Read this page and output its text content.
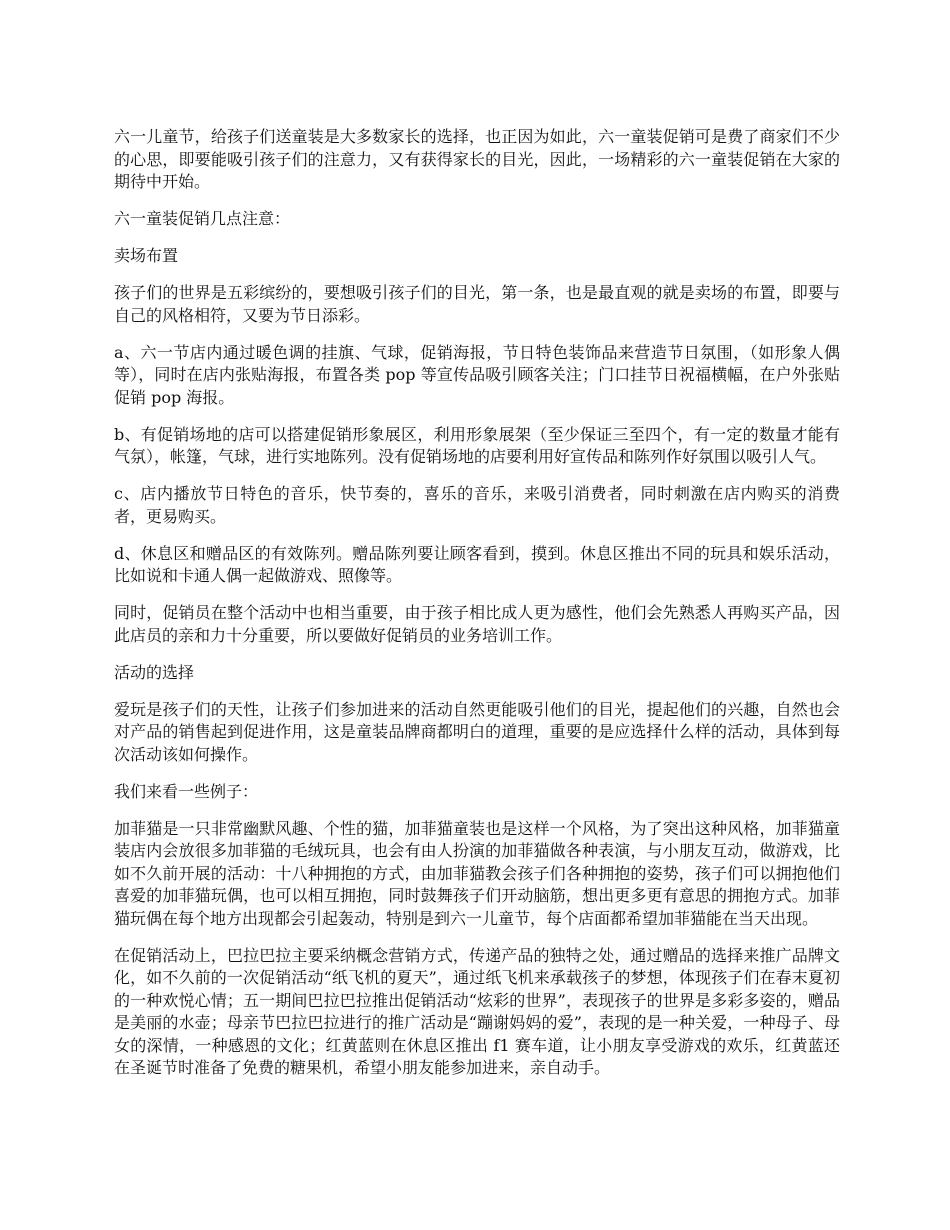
六一儿童节，给孩子们送童装是大多数家长的选择，也正因为如此，六一童装促销可是费了商家们不少的心思，即要能吸引孩子们的注意力，又有获得家长的目光，因此，一场精彩的六一童装促销在大家的期待中开始。

六一童装促销几点注意：

卖场布置

孩子们的世界是五彩缤纷的，要想吸引孩子们的目光，第一条，也是最直观的就是卖场的布置，即要与自己的风格相符，又要为节日添彩。

a、六一节店内通过暖色调的挂旗、气球，促销海报，节日特色装饰品来营造节日氛围，（如形象人偶等），同时在店内张贴海报，布置各类 pop 等宣传品吸引顾客关注；门口挂节日祝福横幅，在户外张贴促销 pop 海报。

b、有促销场地的店可以搭建促销形象展区，利用形象展架（至少保证三至四个，有一定的数量才能有气氛），帐篷，气球，进行实地陈列。没有促销场地的店要利用好宣传品和陈列作好氛围以吸引人气。

c、店内播放节日特色的音乐，快节奏的，喜乐的音乐，来吸引消费者，同时刺激在店内购买的消费者，更易购买。

d、休息区和赠品区的有效陈列。赠品陈列要让顾客看到，摸到。休息区推出不同的玩具和娱乐活动，比如说和卡通人偶一起做游戏、照像等。

同时，促销员在整个活动中也相当重要，由于孩子相比成人更为感性，他们会先熟悉人再购买产品，因此店员的亲和力十分重要，所以要做好促销员的业务培训工作。

活动的选择

爱玩是孩子们的天性，让孩子们参加进来的活动自然更能吸引他们的目光，提起他们的兴趣，自然也会对产品的销售起到促进作用，这是童装品牌商都明白的道理，重要的是应选择什么样的活动，具体到每次活动该如何操作。

我们来看一些例子：

加菲猫是一只非常幽默风趣、个性的猫，加菲猫童装也是这样一个风格，为了突出这种风格，加菲猫童装店内会放很多加菲猫的毛绒玩具，也会有由人扮演的加菲猫做各种表演，与小朋友互动，做游戏，比如不久前开展的活动：十八种拥抱的方式，由加菲猫教会孩子们各种拥抱的姿势，孩子们可以拥抱他们喜爱的加菲猫玩偶，也可以相互拥抱，同时鼓舞孩子们开动脑筋，想出更多更有意思的拥抱方式。加菲猫玩偶在每个地方出现都会引起轰动，特别是到六一儿童节，每个店面都希望加菲猫能在当天出现。

在促销活动上，巴拉巴拉主要采纳概念营销方式，传递产品的独特之处，通过赠品的选择来推广品牌文化，如不久前的一次促销活动“纸飞机的夏天”，通过纸飞机来承载孩子的梦想，体现孩子们在春末夏初的一种欢悦心情；五一期间巴拉巴拉推出促销活动“炫彩的世界”，表现孩子的世界是多彩多姿的，赠品是美丽的水壶；母亲节巴拉巴拉进行的推广活动是“蹦谢妈妈的爱”，表现的是一种关爱，一种母子、母女的深情，一种感恩的文化；红黄蓝则在休息区推出 f1 赛车道，让小朋友享受游戏的欢乐，红黄蓝还在圣诞节时准备了免费的糖果机，希望小朋友能参加进来，亲自动手。
